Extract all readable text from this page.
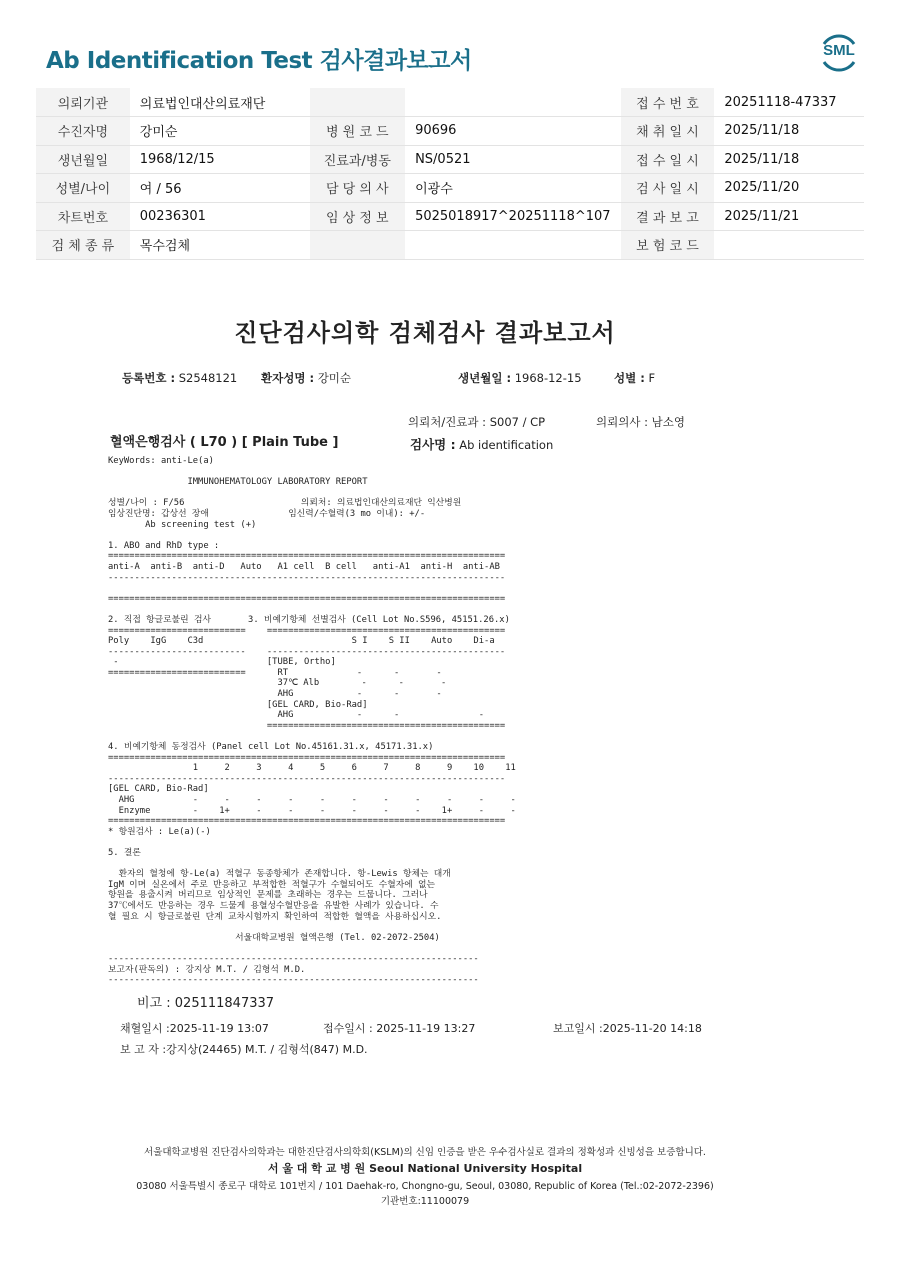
Ab Identification Test 검사결과보고서	SML
의뢰기관	의료법인대산의료재단			접 수 번 호	20251118-47337
수진자명	강미순	병 원 코 드	90696	채 취 일 시	2025/11/18
생년월일	1968/12/15	진료과/병동	NS/0521	접 수 일 시	2025/11/18
성별/나이	여 / 56	담 당 의 사	이광수	검 사 일 시	2025/11/20
차트번호	00236301	임 상 정 보	5025018917^20251118^107	결 과 보 고	2025/11/21
검 체 종 류	목수검체			보 험 코 드	
진단검사의학 검체검사 결과보고서
등록번호 : S2548121 환자성명 : 강미순	생년월일 : 1968-12-15	성별 : F
의뢰처/진료과 : S007 / CP	의뢰의사 : 남소영
혈액은행검사 ( L70 ) [ Plain Tube ]	검사명 : Ab identification
KeyWords: anti-Le(a)

IMMUNOHEMATOLOGY LABORATORY REPORT

성별/나이 : F/56                      의뢰처: 의료법인대산의료재단 익산병원
임상진단명: 갑상선 장애               임신력/수혈력(3 mo 이내): +/-
Ab screening test (+)

1. ABO and RhD type :
===========================================================================
anti-A  anti-B  anti-D   Auto   A1 cell  B cell   anti-A1  anti-H  anti-AB
---------------------------------------------------------------------------

===========================================================================

2. 직접 항글로불린 검사       3. 비예기항체 선별검사 (Cell Lot No.S596, 45151.26.x)
==========================    =============================================
Poly    IgG    C3d                            S I    S II    Auto    Di-a
--------------------------    ---------------------------------------------
-                            [TUBE, Ortho]
==========================      RT             -      -       -
37℃ Alb        -      -       -
AHG            -      -       -
[GEL CARD, Bio-Rad]
AHG            -      -               -
=============================================

4. 비예기항체 동정검사 (Panel cell Lot No.45161.31.x, 45171.31.x)
===========================================================================
1     2     3     4     5     6     7     8     9    10    11
---------------------------------------------------------------------------
[GEL CARD, Bio-Rad]
AHG           -     -     -     -     -     -     -     -     -     -     -
Enzyme        -    1+     -     -     -     -     -     -    1+     -     -
===========================================================================
* 항원검사 : Le(a)(-)

5. 결론

환자의 혈청에 항-Le(a) 적혈구 동종항체가 존재합니다. 항-Lewis 항체는 대개
IgM 이며 실온에서 주로 반응하고 부적합한 적혈구가 수혈되어도 수혈자에 없는
항원을 용출시켜 버리므로 임상적인 문제를 초래하는 경우는 드뭅니다. 그러나
37℃에서도 반응하는 경우 드물게 용혈성수혈반응을 유발한 사례가 있습니다. 수
혈 필요 시 항글로불린 단계 교차시험까지 확인하여 적합한 혈액을 사용하십시오.

서울대학교병원 혈액은행 (Tel. 02-2072-2504)

----------------------------------------------------------------------
보고자(판독의) : 강지상 M.T. / 김형석 M.D.
----------------------------------------------------------------------
비고 : 025111847337
채혈일시 :2025-11-19 13:07	접수일시 : 2025-11-19 13:27	보고일시 :2025-11-20 14:18
보 고 자 :강지상(24465) M.T. / 김형석(847) M.D.
서울대학교병원 진단검사의학과는 대한진단검사의학회(KSLM)의 신임 인증을 받은 우수검사실로 결과의 정확성과 신빙성을 보증합니다.
서 울 대 학 교 병 원 Seoul National University Hospital
03080 서울특별시 종로구 대학로 101번지 / 101 Daehak-ro, Chongno-gu, Seoul, 03080, Republic of Korea (Tel.:02-2072-2396)
기관번호:11100079
